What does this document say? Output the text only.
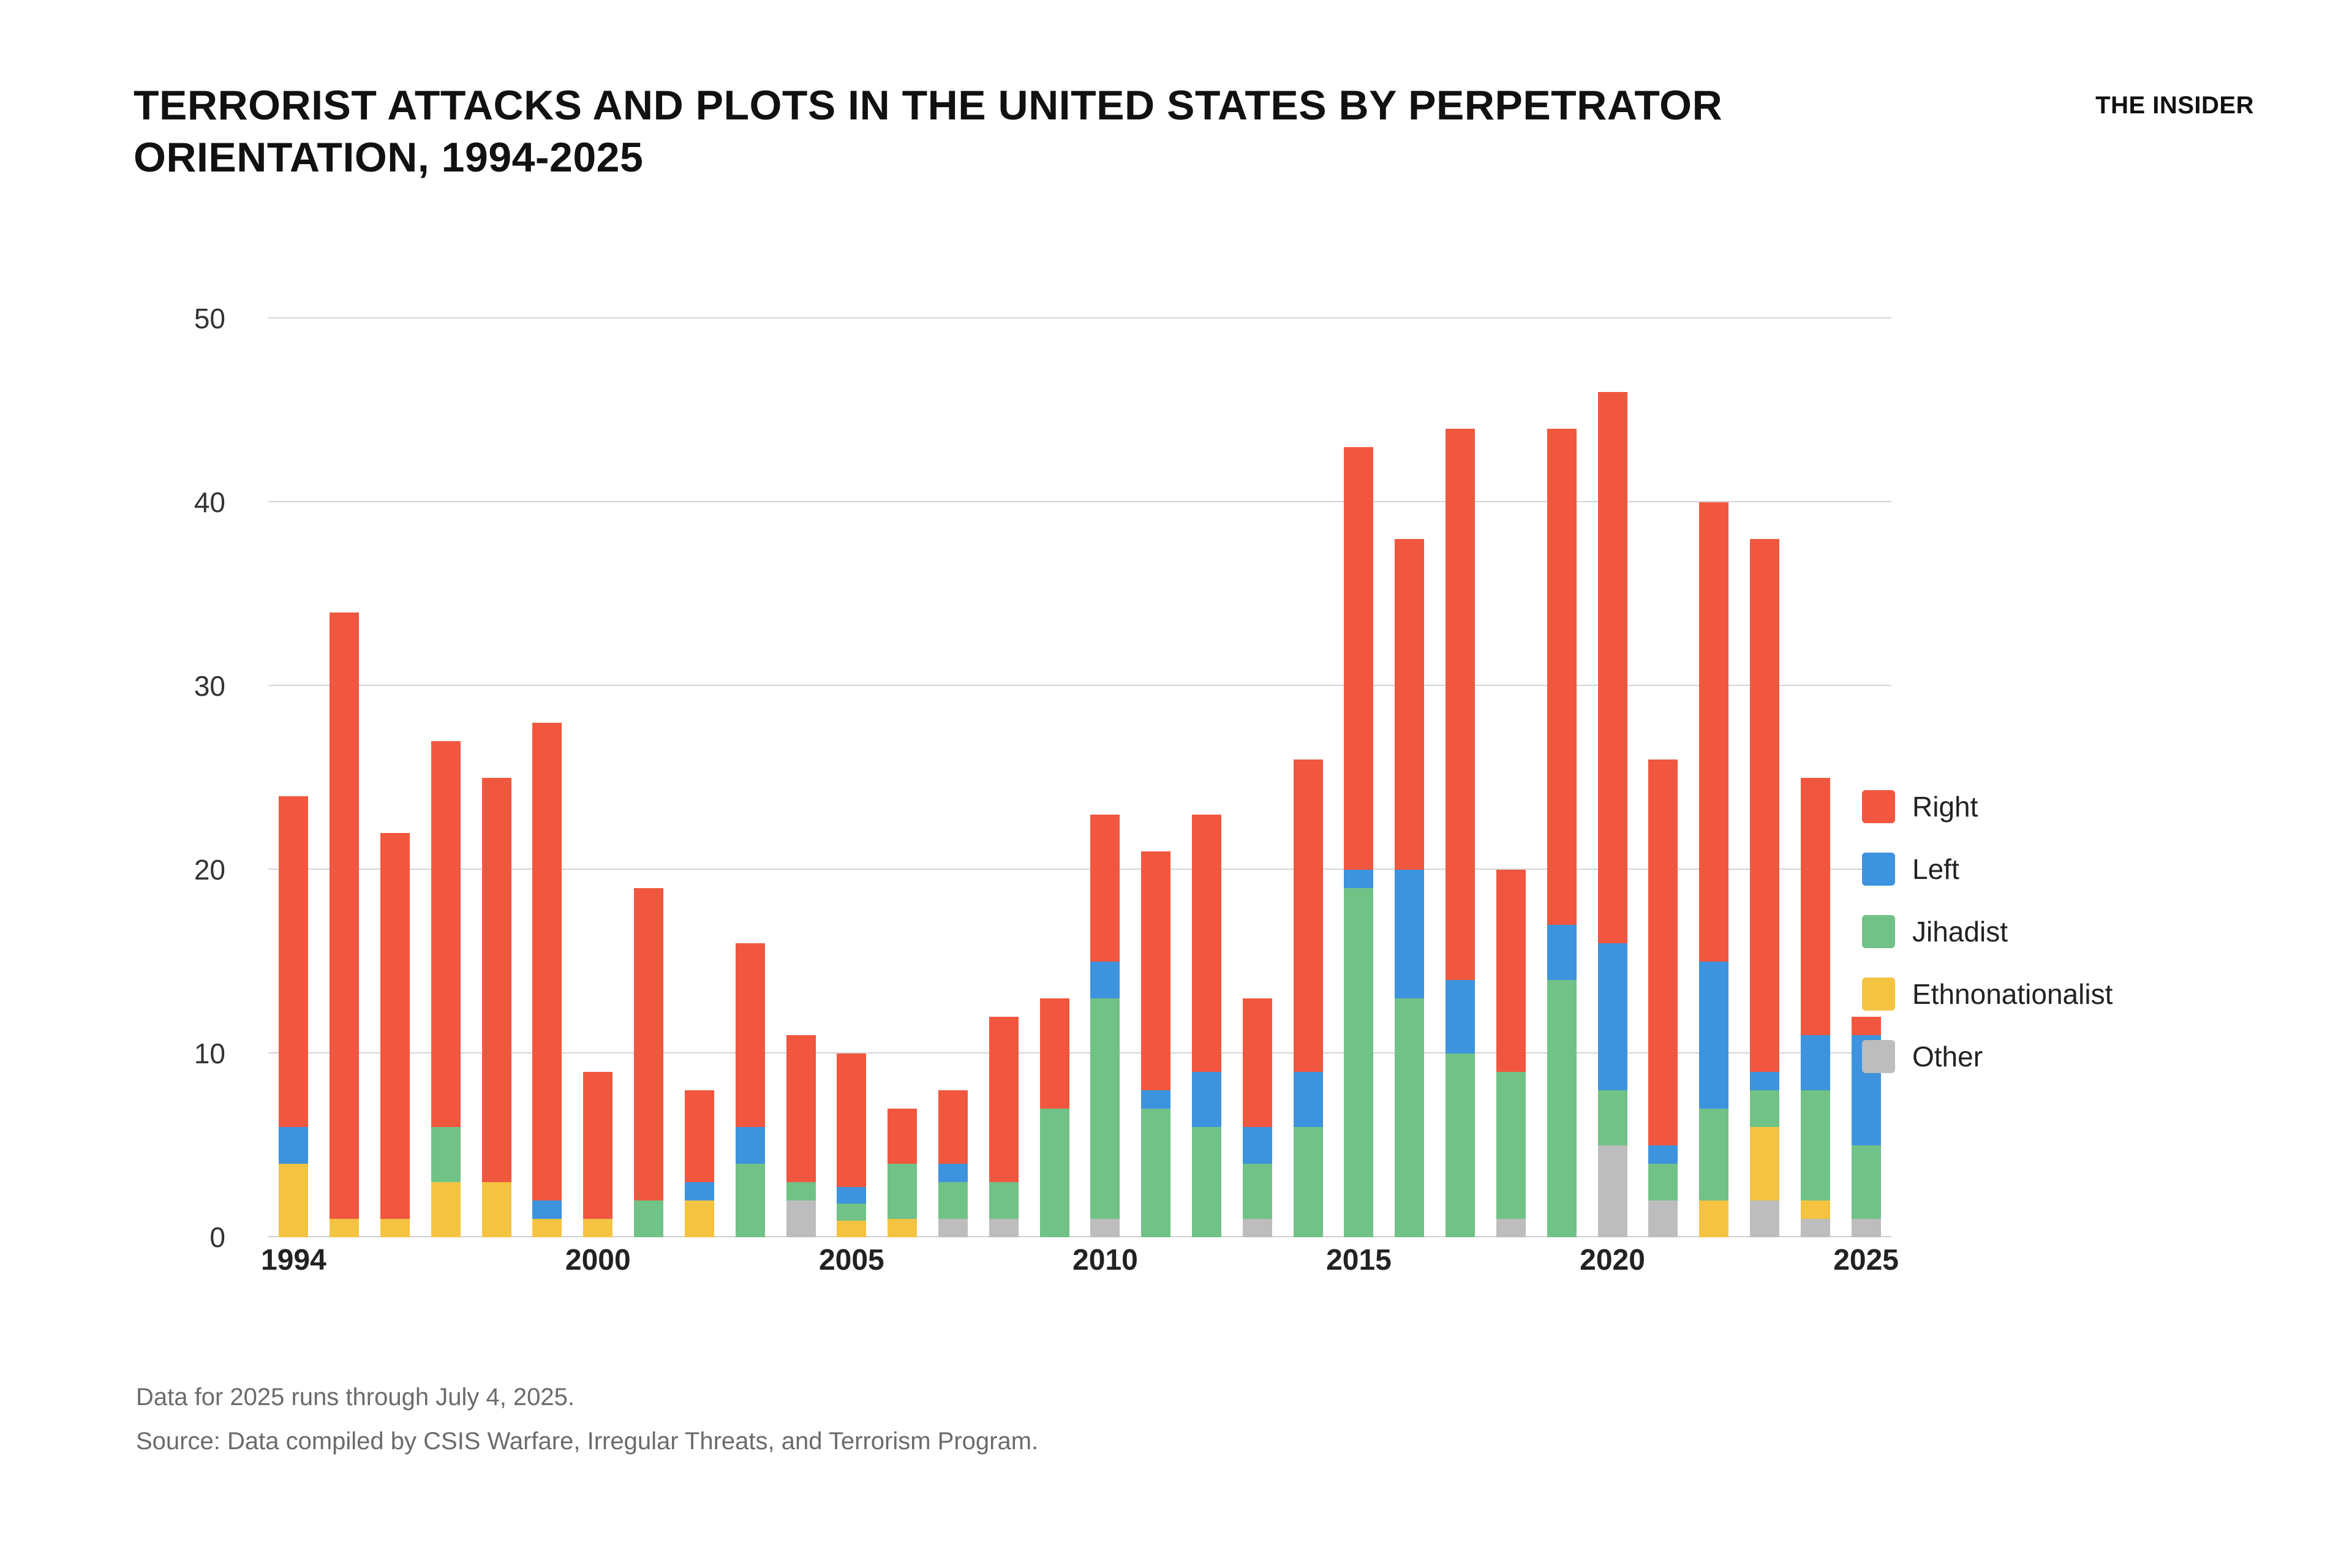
TERRORIST ATTACKS AND PLOTS IN THE UNITED STATES BY PERPETRATOR ORIENTATION, 1994-2025
THE INSIDER
0
10
20
30
40
50
1994	2000	2005	2010	2015	2020	2025
Right
Left
Jihadist
Ethnonationalist
Other

Data for 2025 runs through July 4, 2025.

Source: Data compiled by CSIS Warfare, Irregular Threats, and Terrorism Program.
